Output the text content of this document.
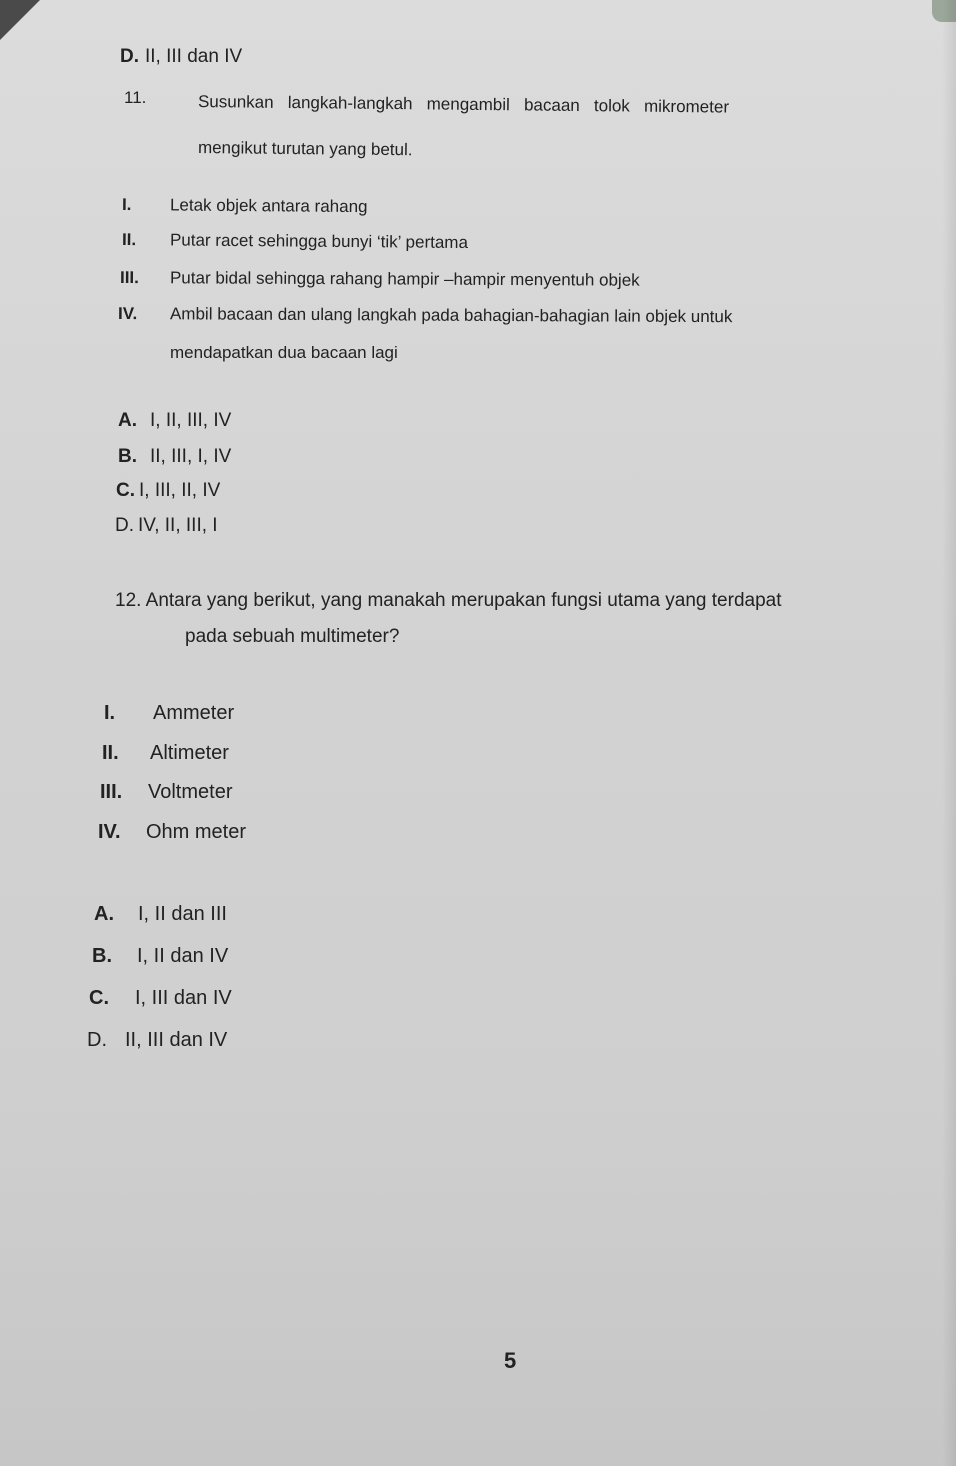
D. II, III dan IV
11.	Susunkan   langkah-langkah   mengambil   bacaan   tolok   mikrometer
mengikut turutan yang betul.
I.	Letak objek antara rahang
II.	Putar racet sehingga bunyi ‘tik’ pertama
III.	Putar bidal sehingga rahang hampir –hampir menyentuh objek
IV.	Ambil bacaan dan ulang langkah pada bahagian-bahagian lain objek untuk
mendapatkan dua bacaan lagi
A. I, II, III, IV
B. II, III, I, IV
C. I, III, II, IV
D. IV, II, III, I
12. Antara yang berikut, yang manakah merupakan fungsi utama yang terdapat
pada sebuah multimeter?
I.	Ammeter
II.	Altimeter
III.	Voltmeter
IV.	Ohm meter
A.	I, II dan III
B.	I, II dan IV
C.	I, III dan IV
D. II, III dan IV
5
